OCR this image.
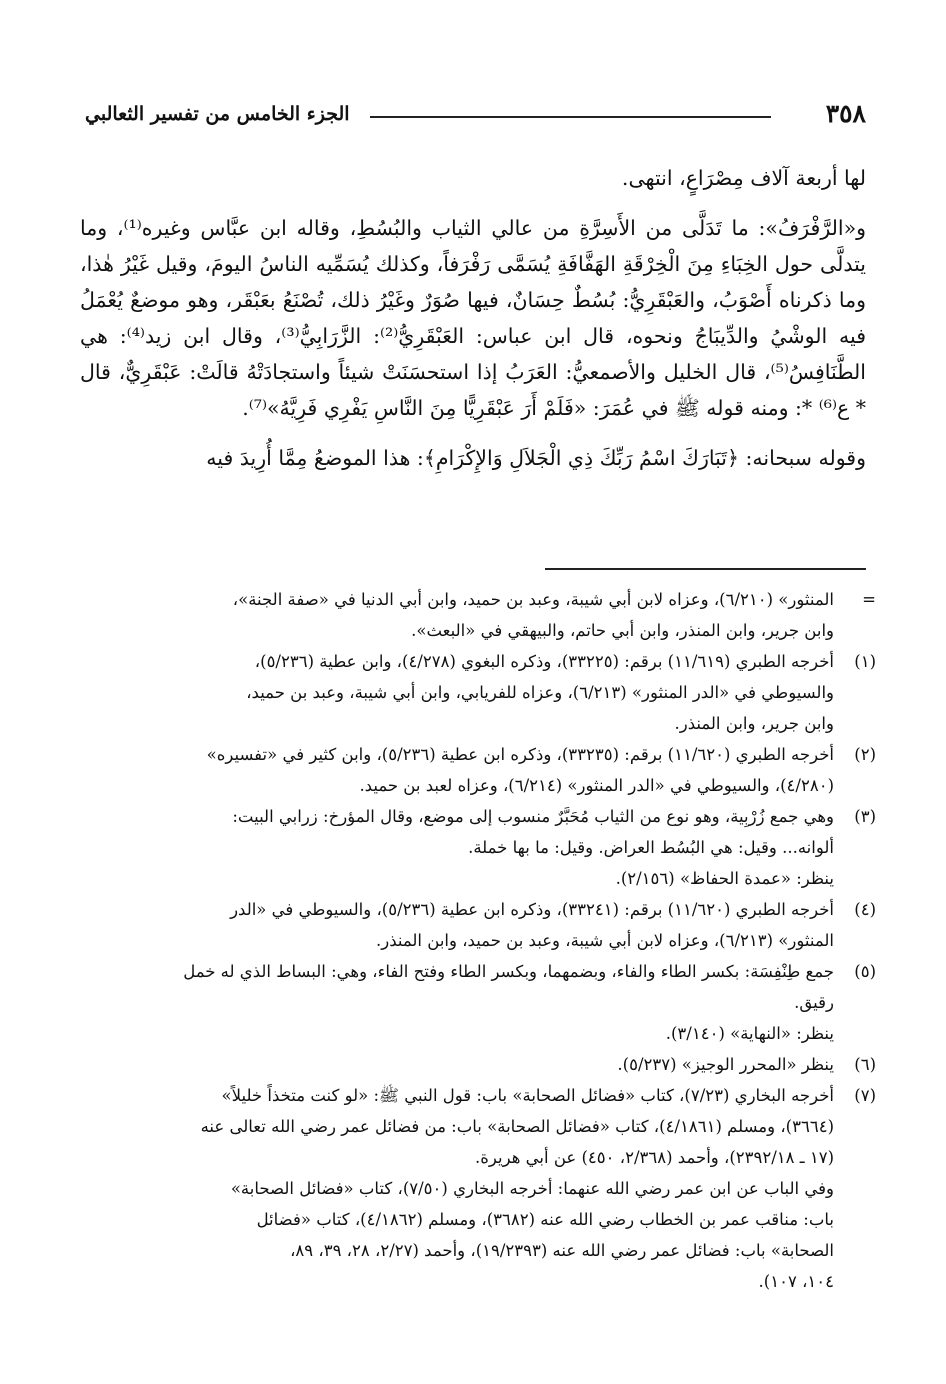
٣٥٨
الجزء الخامس من تفسير الثعالبي

لها أربعة آلاف مِصْرَاعٍ، انتهى.

و«الرَّفْرَفُ»: ما تَدَلَّى من الأَسِرَّةِ من عالي الثياب والبُسُطِ، وقاله ابن عبَّاس وغيره⁽¹⁾، وما يتدلَّى حول الخِبَاءِ مِنَ الْخِرْقَةِ الهَفَّافَةِ يُسَمَّى رَفْرَفاً، وكذلك يُسَمِّيه الناسُ اليومَ، وقيل غَيْرُ هٰذا، وما ذكرناه أَصْوَبُ، والعَبْقَرِيُّ: بُسُطٌ حِسَانٌ، فيها صُوَرٌ وغَيْرُ ذلك، تُصْنَعُ بعَبْقَر، وهو موضعٌ يُعْمَلُ فيه الوشْيُ والدِّيبَاجُ ونحوه، قال ابن عباس: العَبْقَرِيُّ⁽²⁾: الزَّرَابِيُّ⁽³⁾، وقال ابن زيد⁽⁴⁾: هي الطَّنَافِسُ⁽⁵⁾، قال الخليل والأصمعيُّ: العَرَبُ إذا استحسَنَتْ شيئاً واستجادَتْهُ قالَتْ: عَبْقَرِيٌّ، قال * ع⁽⁶⁾ *: ومنه قوله ﷺ في عُمَرَ: «فَلَمْ أَرَ عَبْقَرِيًّا مِنَ النَّاسِ يَفْرِي فَرِيَّهُ»⁽⁷⁾.

وقوله سبحانه: ﴿تَبَارَكَ اسْمُ رَبِّكَ ذِي الْجَلاَلِ وَالإِكْرَامِ﴾: هذا الموضعُ مِمَّا أُرِيدَ فيه

=
المنثور» (٦/٢١٠)، وعزاه لابن أبي شيبة، وعبد بن حميد، وابن أبي الدنيا في «صفة الجنة»،
وابن جرير، وابن المنذر، وابن أبي حاتم، والبيهقي في «البعث».
(١)
أخرجه الطبري (١١/٦١٩) برقم: (٣٣٢٢٥)، وذكره البغوي (٤/٢٧٨)، وابن عطية (٥/٢٣٦)،
والسيوطي في «الدر المنثور» (٦/٢١٣)، وعزاه للفريابي، وابن أبي شيبة، وعبد بن حميد،
وابن جرير، وابن المنذر.
(٢)
أخرجه الطبري (١١/٦٢٠) برقم: (٣٣٢٣٥)، وذكره ابن عطية (٥/٢٣٦)، وابن كثير في «تفسيره»
(٤/٢٨٠)، والسيوطي في «الدر المنثور» (٦/٢١٤)، وعزاه لعبد بن حميد.
(٣)
وهي جمع زُرْبِية، وهو نوع من الثياب مُحَبَّرٌ منسوب إلى موضع، وقال المؤرخ: زرابي البيت:
ألوانه... وقيل: هي البُسُط العراض. وقيل: ما بها خملة.
ينظر: «عمدة الحفاظ» (٢/١٥٦).
(٤)
أخرجه الطبري (١١/٦٢٠) برقم: (٣٣٢٤١)، وذكره ابن عطية (٥/٢٣٦)، والسيوطي في «الدر
المنثور» (٦/٢١٣)، وعزاه لابن أبي شيبة، وعبد بن حميد، وابن المنذر.
(٥)
جمع طِنْفِسَة: بكسر الطاء والفاء، وبضمهما، وبكسر الطاء وفتح الفاء، وهي: البساط الذي له خمل
رقيق.
ينظر: «النهاية» (٣/١٤٠).
(٦)
ينظر «المحرر الوجيز» (٥/٢٣٧).
(٧)
أخرجه البخاري (٧/٢٣)، كتاب «فضائل الصحابة» باب: قول النبي ﷺ: «لو كنت متخذاً خليلاً»
(٣٦٦٤)، ومسلم (٤/١٨٦١)، كتاب «فضائل الصحابة» باب: من فضائل عمر رضي الله تعالى عنه
(١٧ ـ ٢٣٩٢/١٨)، وأحمد (٢/٣٦٨، ٤٥٠) عن أبي هريرة.
وفي الباب عن ابن عمر رضي الله عنهما: أخرجه البخاري (٧/٥٠)، كتاب «فضائل الصحابة»
باب: مناقب عمر بن الخطاب رضي الله عنه (٣٦٨٢)، ومسلم (٤/١٨٦٢)، كتاب «فضائل
الصحابة» باب: فضائل عمر رضي الله عنه (١٩/٢٣٩٣)، وأحمد (٢/٢٧، ٢٨، ٣٩، ٨٩،
١٠٤، ١٠٧).
